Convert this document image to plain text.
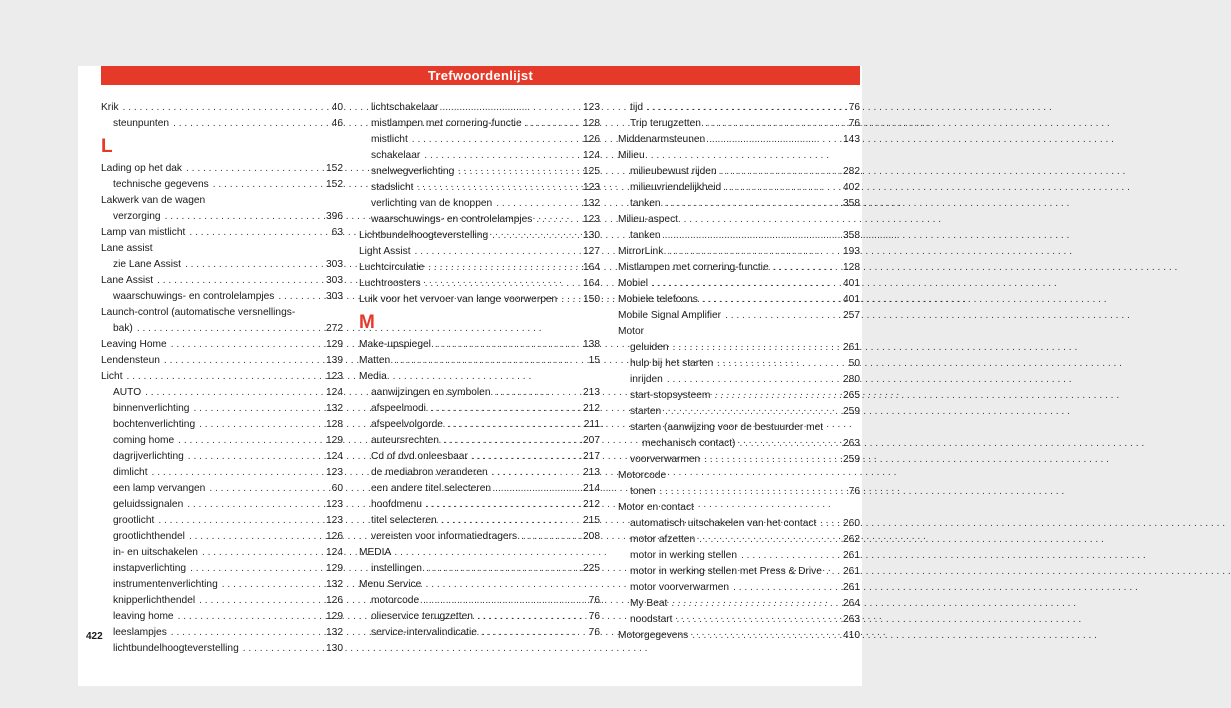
Trefwoordenlijst
Krik . . .	40
steunpunten . . .	46
L
Lading op het dak . . .	152
technische gegevens . . .	152
Lakwerk van de wagen
verzorging . . .	396
Lamp van mistlicht . . .	63
Lane assist
zie Lane Assist . . .	303
Lane Assist . . .	303
waarschuwings- en controlelampjes . . .	303
Launch-control (automatische versnellings-
bak) . . .	272
Leaving Home . . .	129
Lendensteun . . .	139
Licht . . .	123
AUTO . . .	124
binnenverlichting . . .	132
bochtenverlichting . . .	128
coming home . . .	129
dagrijverlichting . . .	124
dimlicht . . .	123
een lamp vervangen . . .	60
geluidssignalen . . .	123
grootlicht . . .	123
grootlichthendel . . .	126
in- en uitschakelen . . .	124
instapverlichting . . .	129
instrumentenverlichting . . .	132
knipperlichthendel . . .	126
leaving home . . .	129
leeslampjes . . .	132
lichtbundelhoogteverstelling . . .	130
lichtschakelaar . . .	123
mistlampen met cornering-functie . . .	128
mistlicht . . .	126
schakelaar . . .	124
snelwegverlichting . . .	125
stadslicht . . .	123
verlichting van de knoppen . . .	132
waarschuwings- en controlelampjes . . .	123
Lichtbundelhoogteverstelling . . .	130
Light Assist . . .	127
Luchtcirculatie . . .	164
Luchtroosters . . .	164
Luik voor het vervoer van lange voorwerpen . . .	150
M
Make-upspiegel . . .	138
Matten . . .	15
Media
aanwijzingen en symbolen . . .	213
afspeelmodi . . .	212
afspeelvolgorde . . .	211
auteursrechten . . .	207
Cd of dvd onleesbaar . . .	217
de mediabron veranderen . . .	213
een andere titel selecteren . . .	214
hoofdmenu . . .	212
titel selecteren . . .	215
vereisten voor informatiedragers . . .	208
MEDIA
instellingen . . .	225
Menu Service
motorcode . . .	76
olieservice terugzetten . . .	76
service-intervalindicatie . . .	76
tijd . . .	76
Trip terugzetten . . .	76
Middenarmsteunen . . .	143
Milieu
milieubewust rijden . . .	282
milieuvriendelijkheid . . .	402
tanken . . .	358
Milieu-aspect
tanken . . .	358
MirrorLink . . .	193
Mistlampen met cornering-functie . . .	128
Mobiel . . .	401
Mobiele telefoons . . .	401
Mobile Signal Amplifier . . .	257
Motor
geluiden . . .	261
hulp bij het starten . . .	50
inrijden . . .	280
start-stopsysteem . . .	265
starten . . .	259
starten (aanwijzing voor de bestuurder met
mechanisch contact) . . .	263
voorverwarmen . . .	259
Motorcode
tonen . . .	76
Motor en contact
automatisch uitschakelen van het contact . . .	260
motor afzetten . . .	262
motor in werking stellen . . .	261
motor in werking stellen met Press & Drive . . . 261
motor voorverwarmen . . .	261
My Beat . . .	264
noodstart . . .	263
Motorgegevens . . .	410
422
